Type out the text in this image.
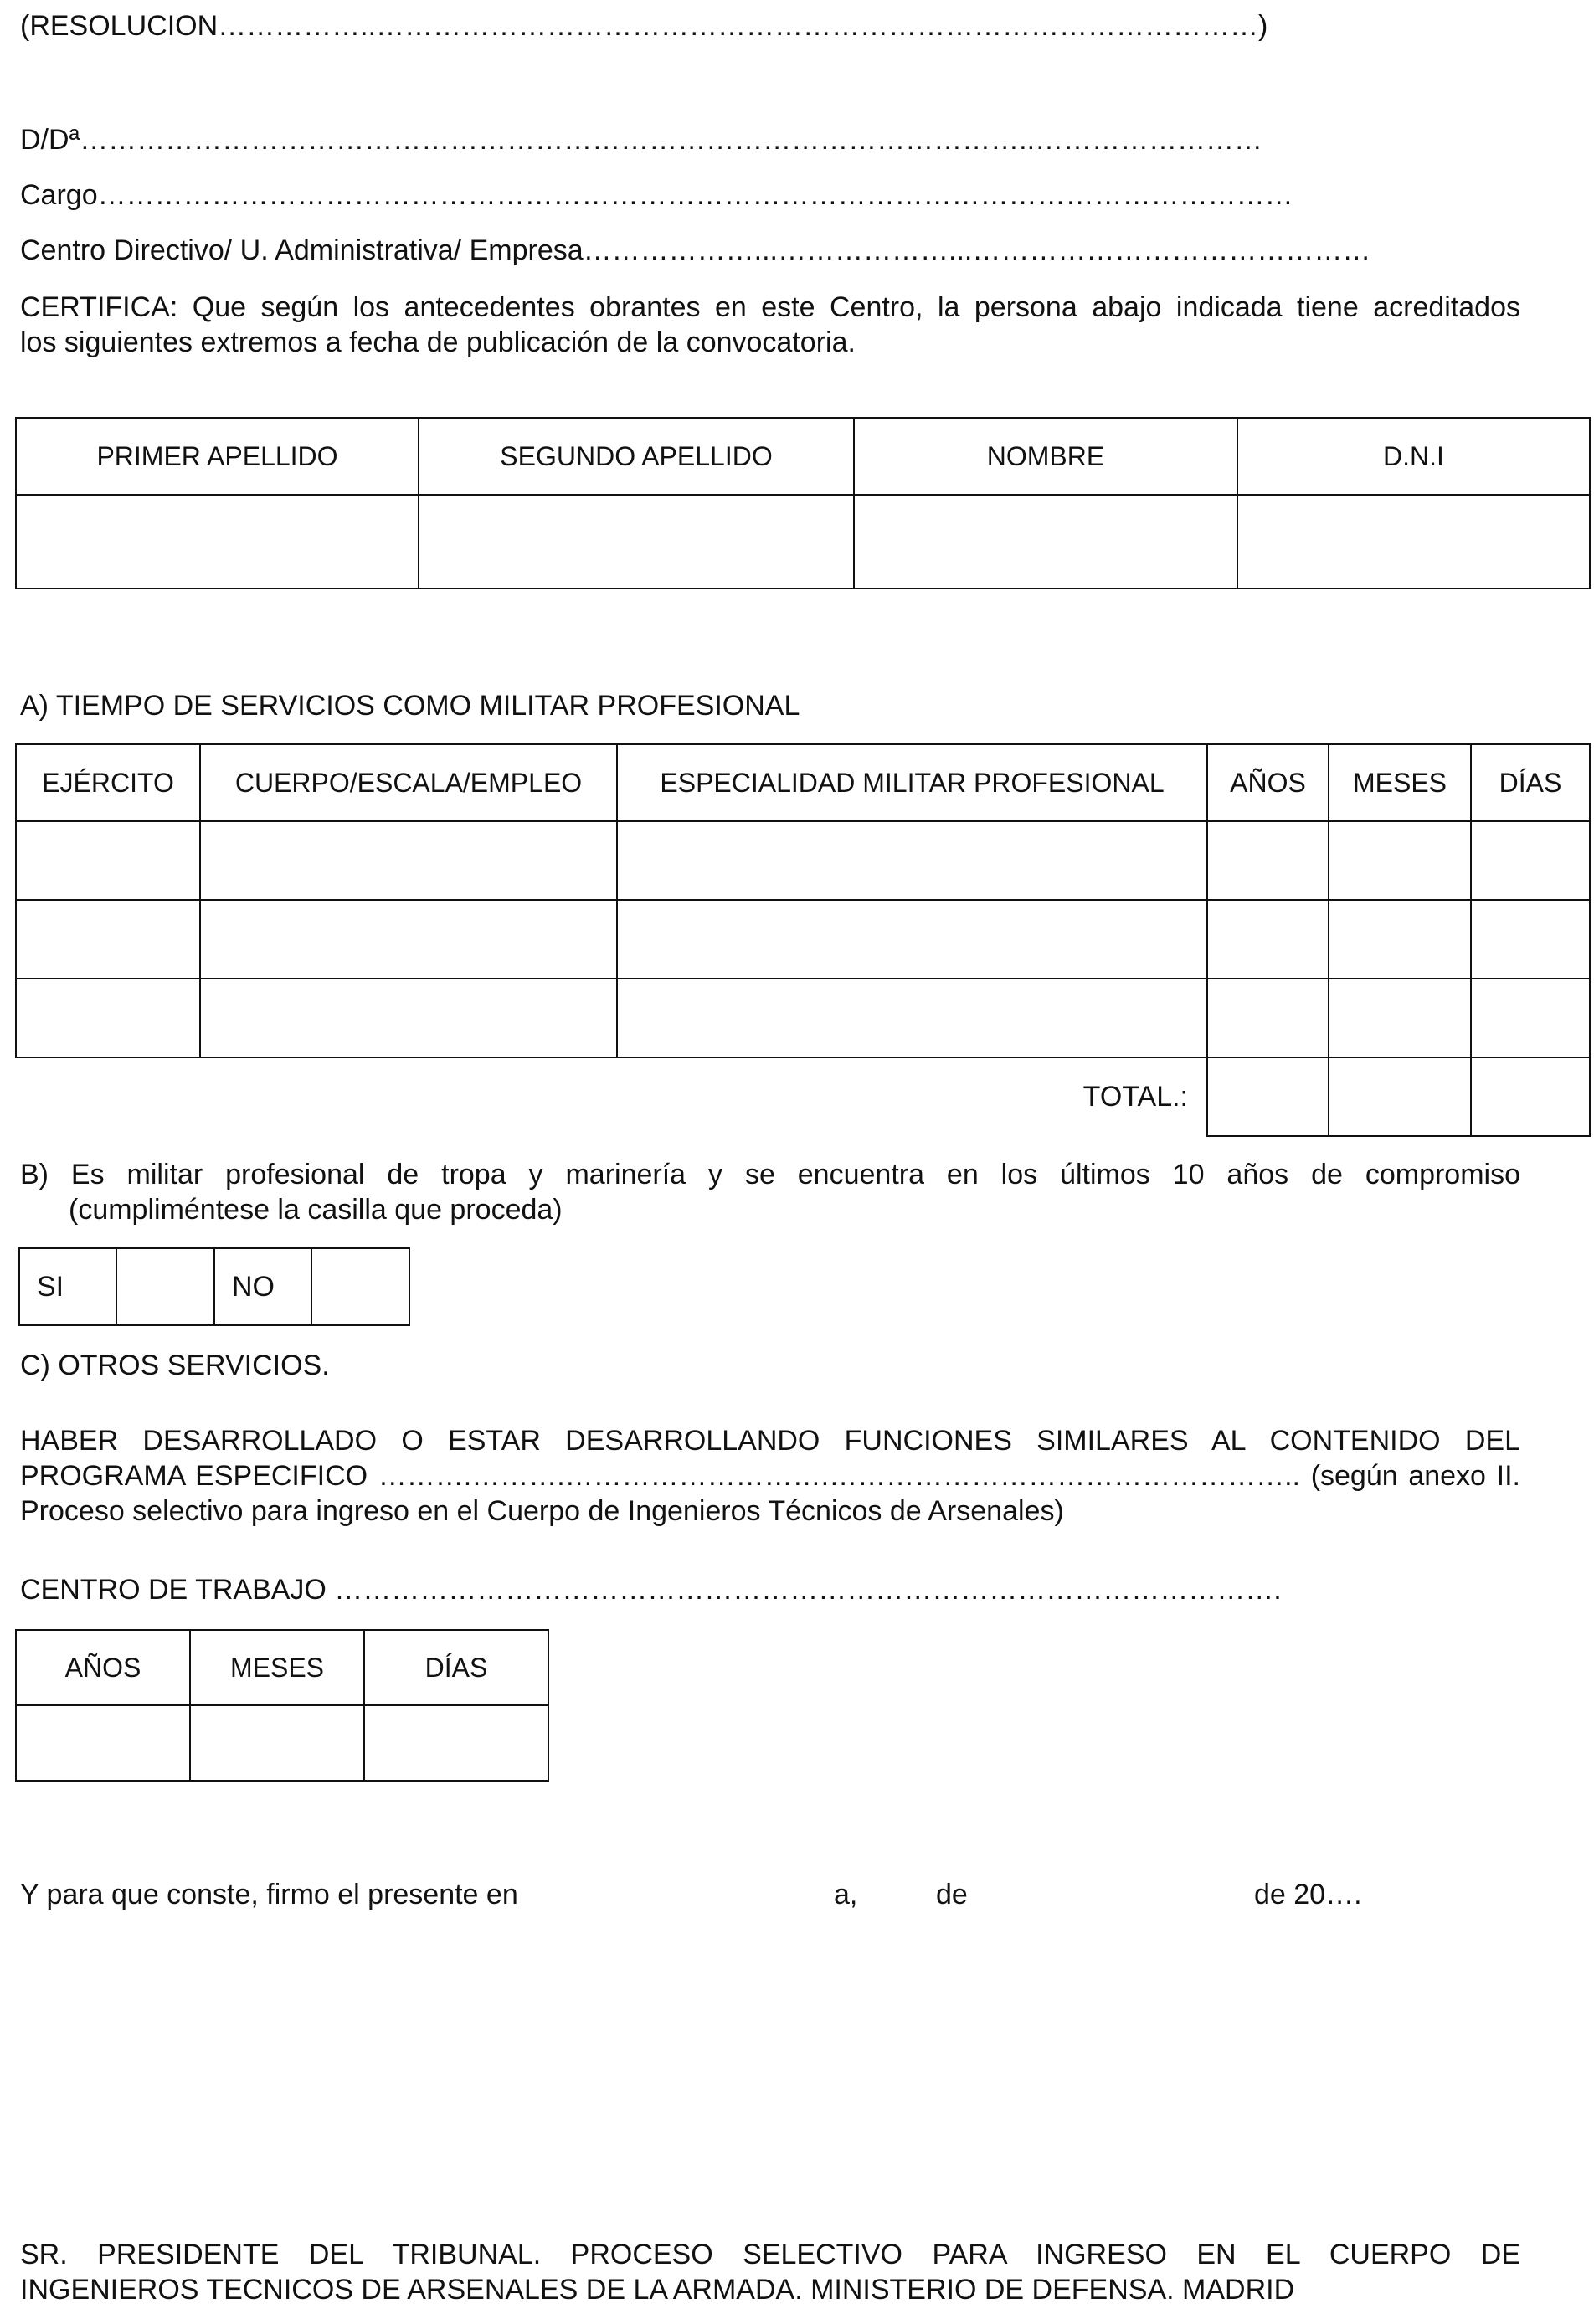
(RESOLUCION……………..…………………………………………………………………………………)
D/Dª………………………………………………………………………………………..……………………
Cargo………………………………………………………………………………………………………………
Centro Directivo/ U. Administrativa/ Empresa………………...………………...……………………………………
CERTIFICA: Que según los antecedentes obrantes en este Centro, la persona abajo indicada tiene acreditados
los siguientes extremos a fecha de publicación de la convocatoria.
PRIMER APELLIDO	SEGUNDO APELLIDO	NOMBRE	D.N.I

A) TIEMPO DE SERVICIOS COMO MILITAR PROFESIONAL
EJÉRCITO	CUERPO/ESCALA/EMPLEO	ESPECIALIDAD MILITAR PROFESIONAL	AÑOS	MESES	DÍAS

TOTAL.:					
B) Es militar profesional de tropa y marinería y se encuentra en los últimos 10 años de compromiso
(cumpliméntese la casilla que proceda)
SI		NO	
C) OTROS SERVICIOS.
HABER DESARROLLADO O ESTAR DESARROLLANDO FUNCIONES SIMILARES AL CONTENIDO DEL
PROGRAMA ESPECIFICO ……….……….……………………….………………………………………….. (según anexo II.
Proceso selectivo para ingreso en el Cuerpo de Ingenieros Técnicos de Arsenales)
CENTRO DE TRABAJO ……………………………………………………………………………………….
AÑOS	MESES	DÍAS

Y para que conste, firmo el presente en	a,	de	de 20….
SR. PRESIDENTE DEL TRIBUNAL. PROCESO SELECTIVO PARA INGRESO EN EL CUERPO DE
INGENIEROS TECNICOS DE ARSENALES DE LA ARMADA. MINISTERIO DE DEFENSA. MADRID
